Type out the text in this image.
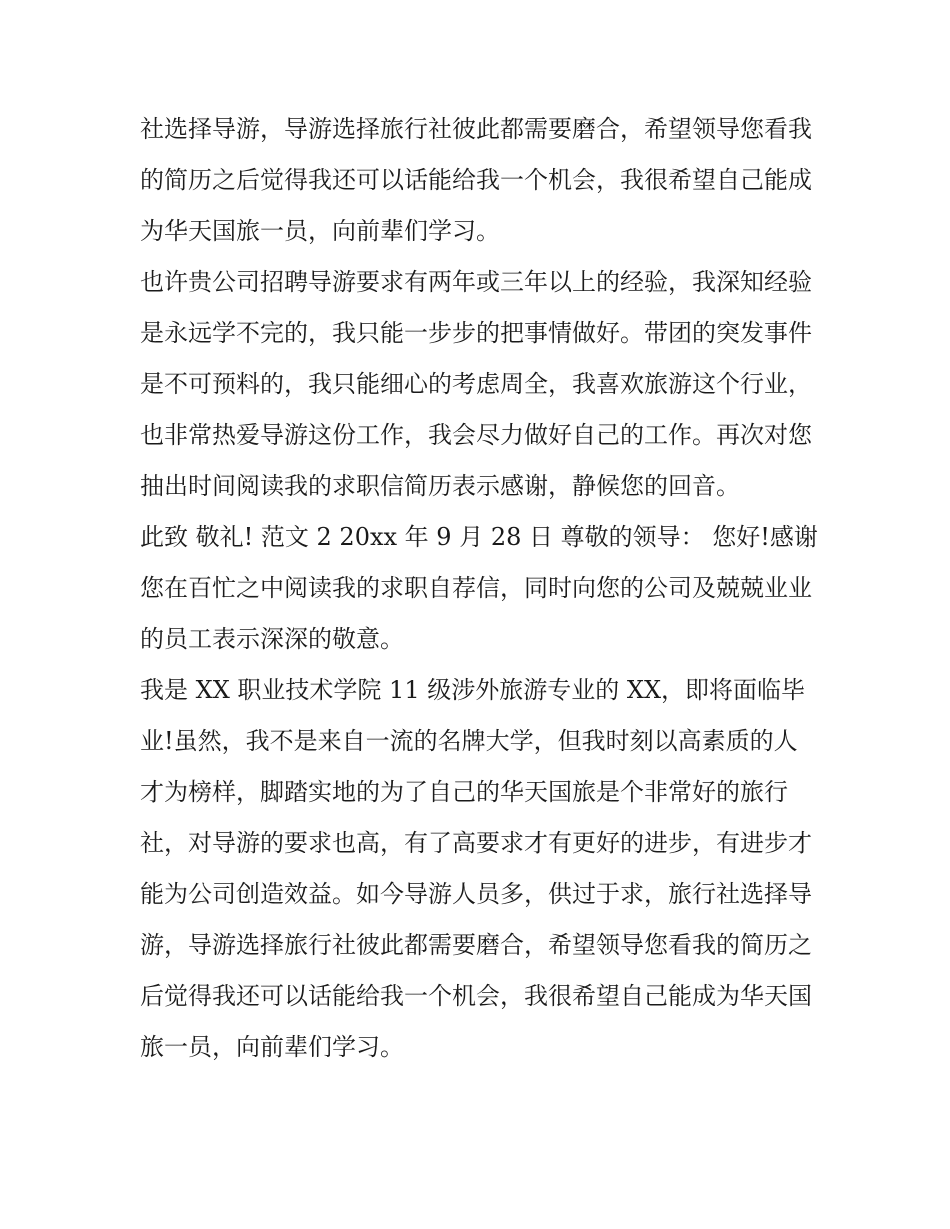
社选择导游，导游选择旅行社彼此都需要磨合，希望领导您看我的简历之后觉得我还可以话能给我一个机会，我很希望自己能成为华天国旅一员，向前辈们学习。

也许贵公司招聘导游要求有两年或三年以上的经验，我深知经验是永远学不完的，我只能一步步的把事情做好。带团的突发事件是不可预料的，我只能细心的考虑周全，我喜欢旅游这个行业，也非常热爱导游这份工作，我会尽力做好自己的工作。再次对您抽出时间阅读我的求职信简历表示感谢，静候您的回音。

此致 敬礼! 范文 2 20xx 年 9 月 28 日 尊敬的领导： 您好!感谢您在百忙之中阅读我的求职自荐信，同时向您的公司及兢兢业业的员工表示深深的敬意。

我是 XX 职业技术学院 11 级涉外旅游专业的 XX，即将面临毕业!虽然，我不是来自一流的名牌大学，但我时刻以高素质的人才为榜样，脚踏实地的为了自己的华天国旅是个非常好的旅行社，对导游的要求也高，有了高要求才有更好的进步，有进步才能为公司创造效益。如今导游人员多，供过于求，旅行社选择导游，导游选择旅行社彼此都需要磨合，希望领导您看我的简历之后觉得我还可以话能给我一个机会，我很希望自己能成为华天国旅一员，向前辈们学习。
